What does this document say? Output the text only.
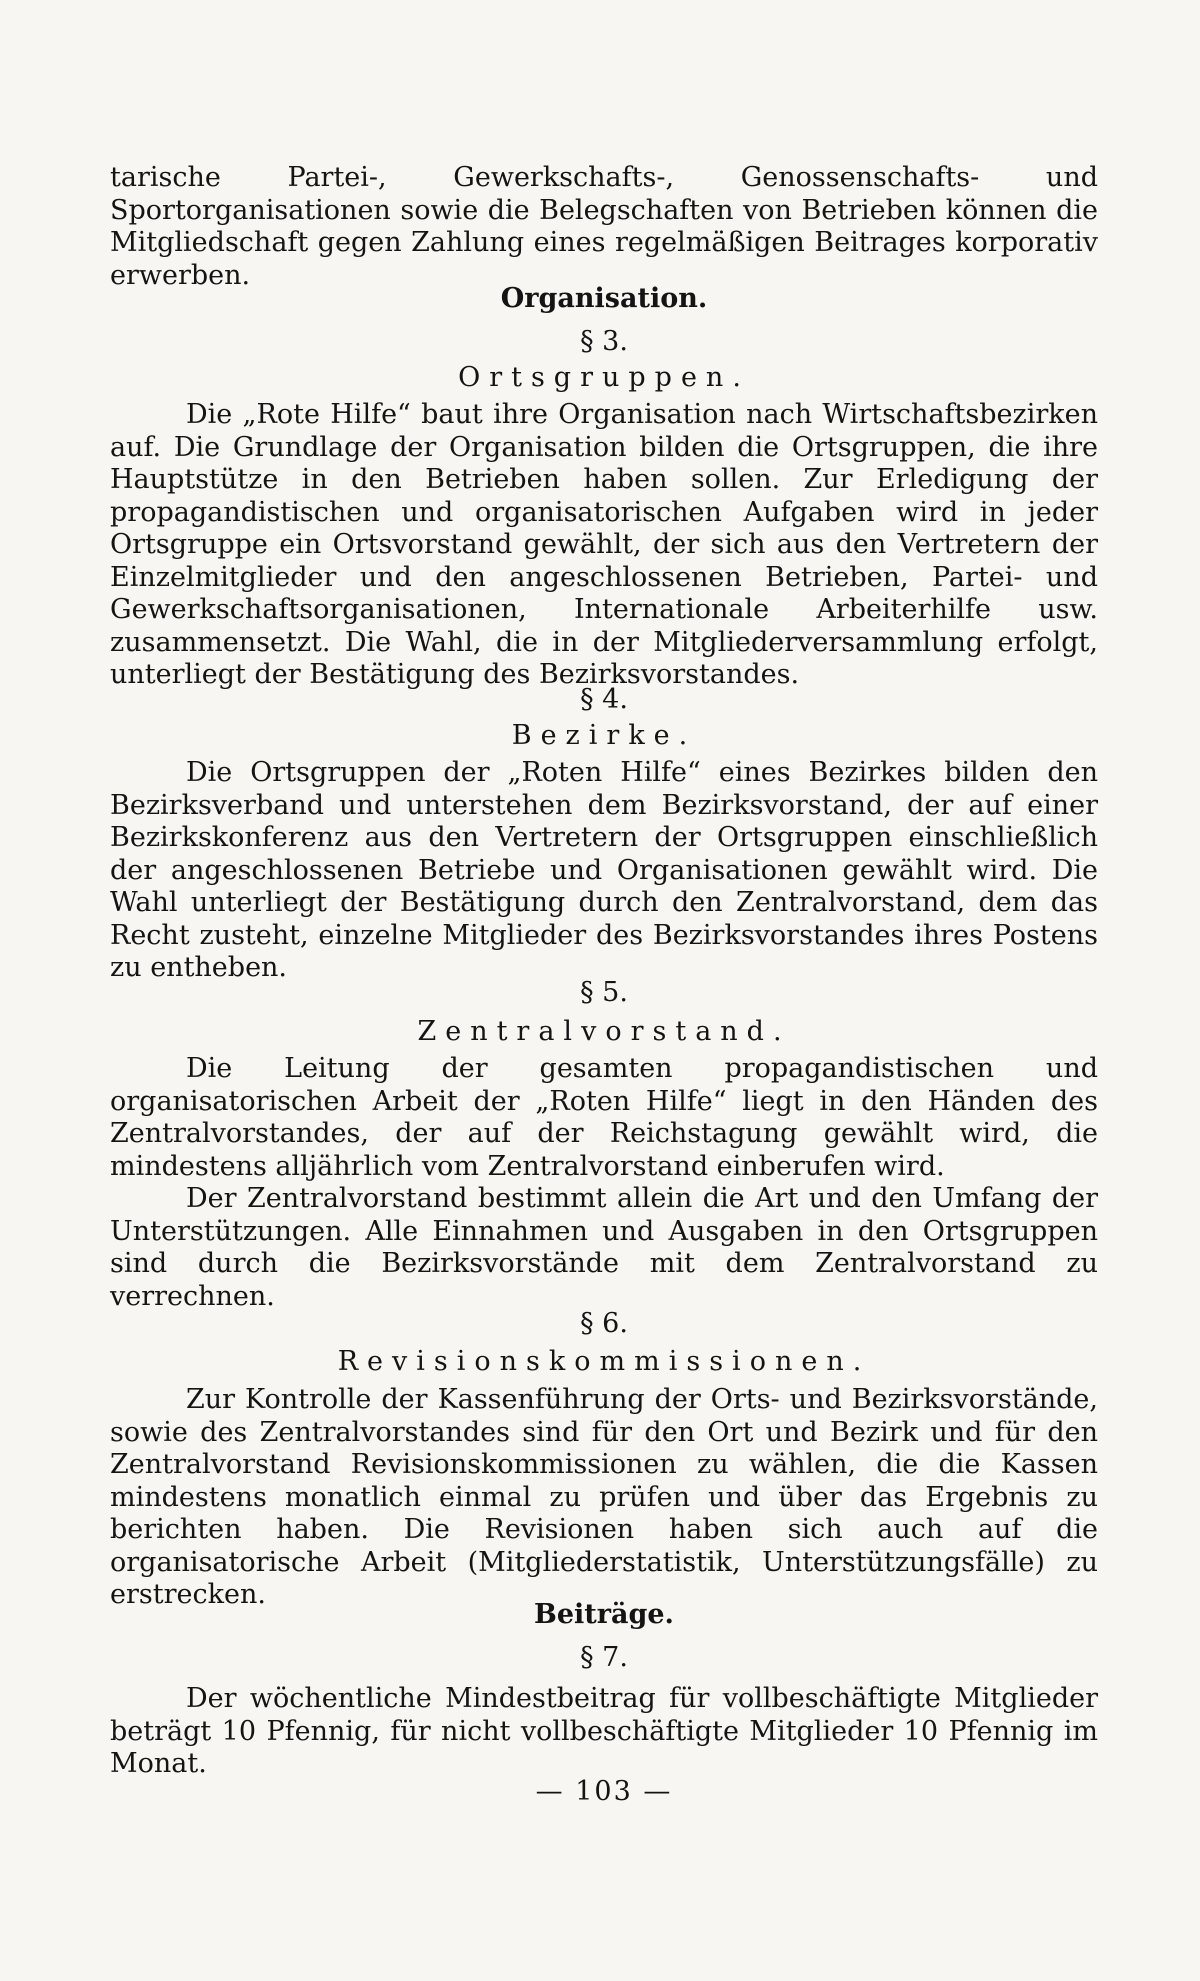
tarische Partei-, Gewerkschafts-, Genossenschafts- und Sportorganisationen sowie die Belegschaften von Betrieben können die Mitgliedschaft gegen Zahlung eines regelmäßigen Beitrages korporativ erwerben.

Organisation.
§ 3.
Ortsgruppen.

Die „Rote Hilfe“ baut ihre Organisation nach Wirtschaftsbezirken auf. Die Grundlage der Organisation bilden die Ortsgruppen, die ihre Hauptstütze in den Betrieben haben sollen. Zur Erledigung der propagandistischen und organisatorischen Aufgaben wird in jeder Ortsgruppe ein Ortsvorstand gewählt, der sich aus den Vertretern der Einzelmitglieder und den angeschlossenen Betrieben, Partei- und Gewerkschaftsorganisationen, Internationale Arbeiterhilfe usw. zusammensetzt. Die Wahl, die in der Mitgliederversammlung erfolgt, unterliegt der Bestätigung des Bezirksvorstandes.

§ 4.
Bezirke.

Die Ortsgruppen der „Roten Hilfe“ eines Bezirkes bilden den Bezirksverband und unterstehen dem Bezirksvorstand, der auf einer Bezirkskonferenz aus den Vertretern der Ortsgruppen einschließlich der angeschlossenen Betriebe und Organisationen gewählt wird. Die Wahl unterliegt der Bestätigung durch den Zentralvorstand, dem das Recht zusteht, einzelne Mitglieder des Bezirksvorstandes ihres Postens zu entheben.

§ 5.
Zentralvorstand.

Die Leitung der gesamten propagandistischen und organisatorischen Arbeit der „Roten Hilfe“ liegt in den Händen des Zentralvorstandes, der auf der Reichstagung gewählt wird, die mindestens alljährlich vom Zentralvorstand einberufen wird.

Der Zentralvorstand bestimmt allein die Art und den Umfang der Unterstützungen. Alle Einnahmen und Ausgaben in den Ortsgruppen sind durch die Bezirksvorstände mit dem Zentralvorstand zu verrechnen.

§ 6.
Revisionskommissionen.

Zur Kontrolle der Kassenführung der Orts- und Bezirksvorstände, sowie des Zentralvorstandes sind für den Ort und Bezirk und für den Zentralvorstand Revisionskommissionen zu wählen, die die Kassen mindestens monatlich einmal zu prüfen und über das Ergebnis zu berichten haben. Die Revisionen haben sich auch auf die organisatorische Arbeit (Mitgliederstatistik, Unterstützungsfälle) zu erstrecken.

Beiträge.
§ 7.

Der wöchentliche Mindestbeitrag für vollbeschäftigte Mitglieder beträgt 10 Pfennig, für nicht vollbeschäftigte Mitglieder 10 Pfennig im Monat.

— 103 —
